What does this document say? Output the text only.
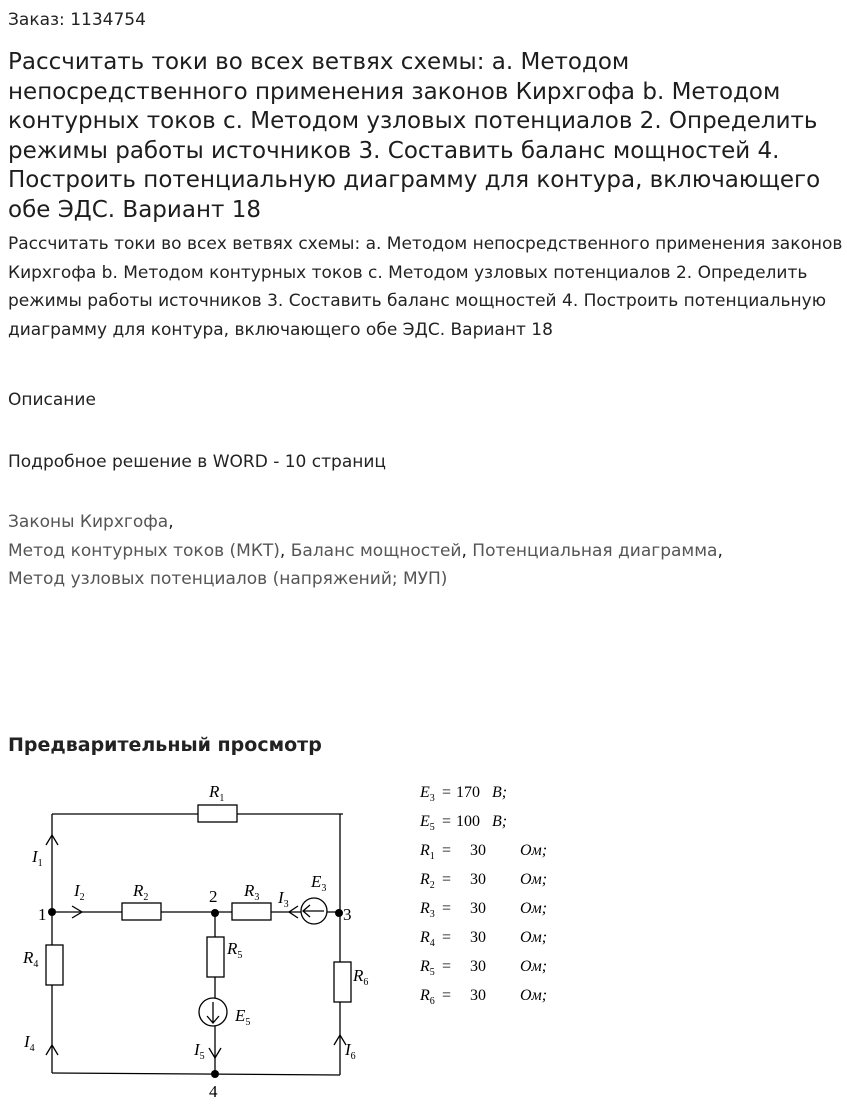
Заказ: 1134754
Рассчитать токи во всех ветвях схемы: а. Методом непосредственного применения законов Кирхгофа b. Методом контурных токов с. Методом узловых потенциалов 2. Определить режимы работы источников 3. Составить баланс мощностей 4. Построить потенциальную диаграмму для контура, включающего обе ЭДС. Вариант 18
Рассчитать токи во всех ветвях схемы: а. Методом непосредственного применения законов Кирхгофа b. Методом контурных токов с. Методом узловых потенциалов 2. Определить режимы работы источников 3. Составить баланс мощностей 4. Построить потенциальную диаграмму для контура, включающего обе ЭДС. Вариант 18
Описание
Подробное решение в WORD - 10 страниц
Законы Кирхгофа,
Метод контурных токов (МКТ), Баланс мощностей, Потенциальная диаграмма,
Метод узловых потенциалов (напряжений; МУП)
Предварительный просмотр
$R_1$
$R_2$	$R_3$
$R_4$
$R_5$
$R_6$
$E_3$
$E_5$
$I_1$
$I_2$	$I_3$
$I_4$	$I_5$	$I_6$
1
2
3
4
$E_3 = 170$ В;
$E_5 = 100$ В;
$R_1 = 30$ Ом;
$R_2 = 30$ Ом;
$R_3 = 30$ Ом;
$R_4 = 30$ Ом;
$R_5 = 30$ Ом;
$R_6 = 30$ Ом;
